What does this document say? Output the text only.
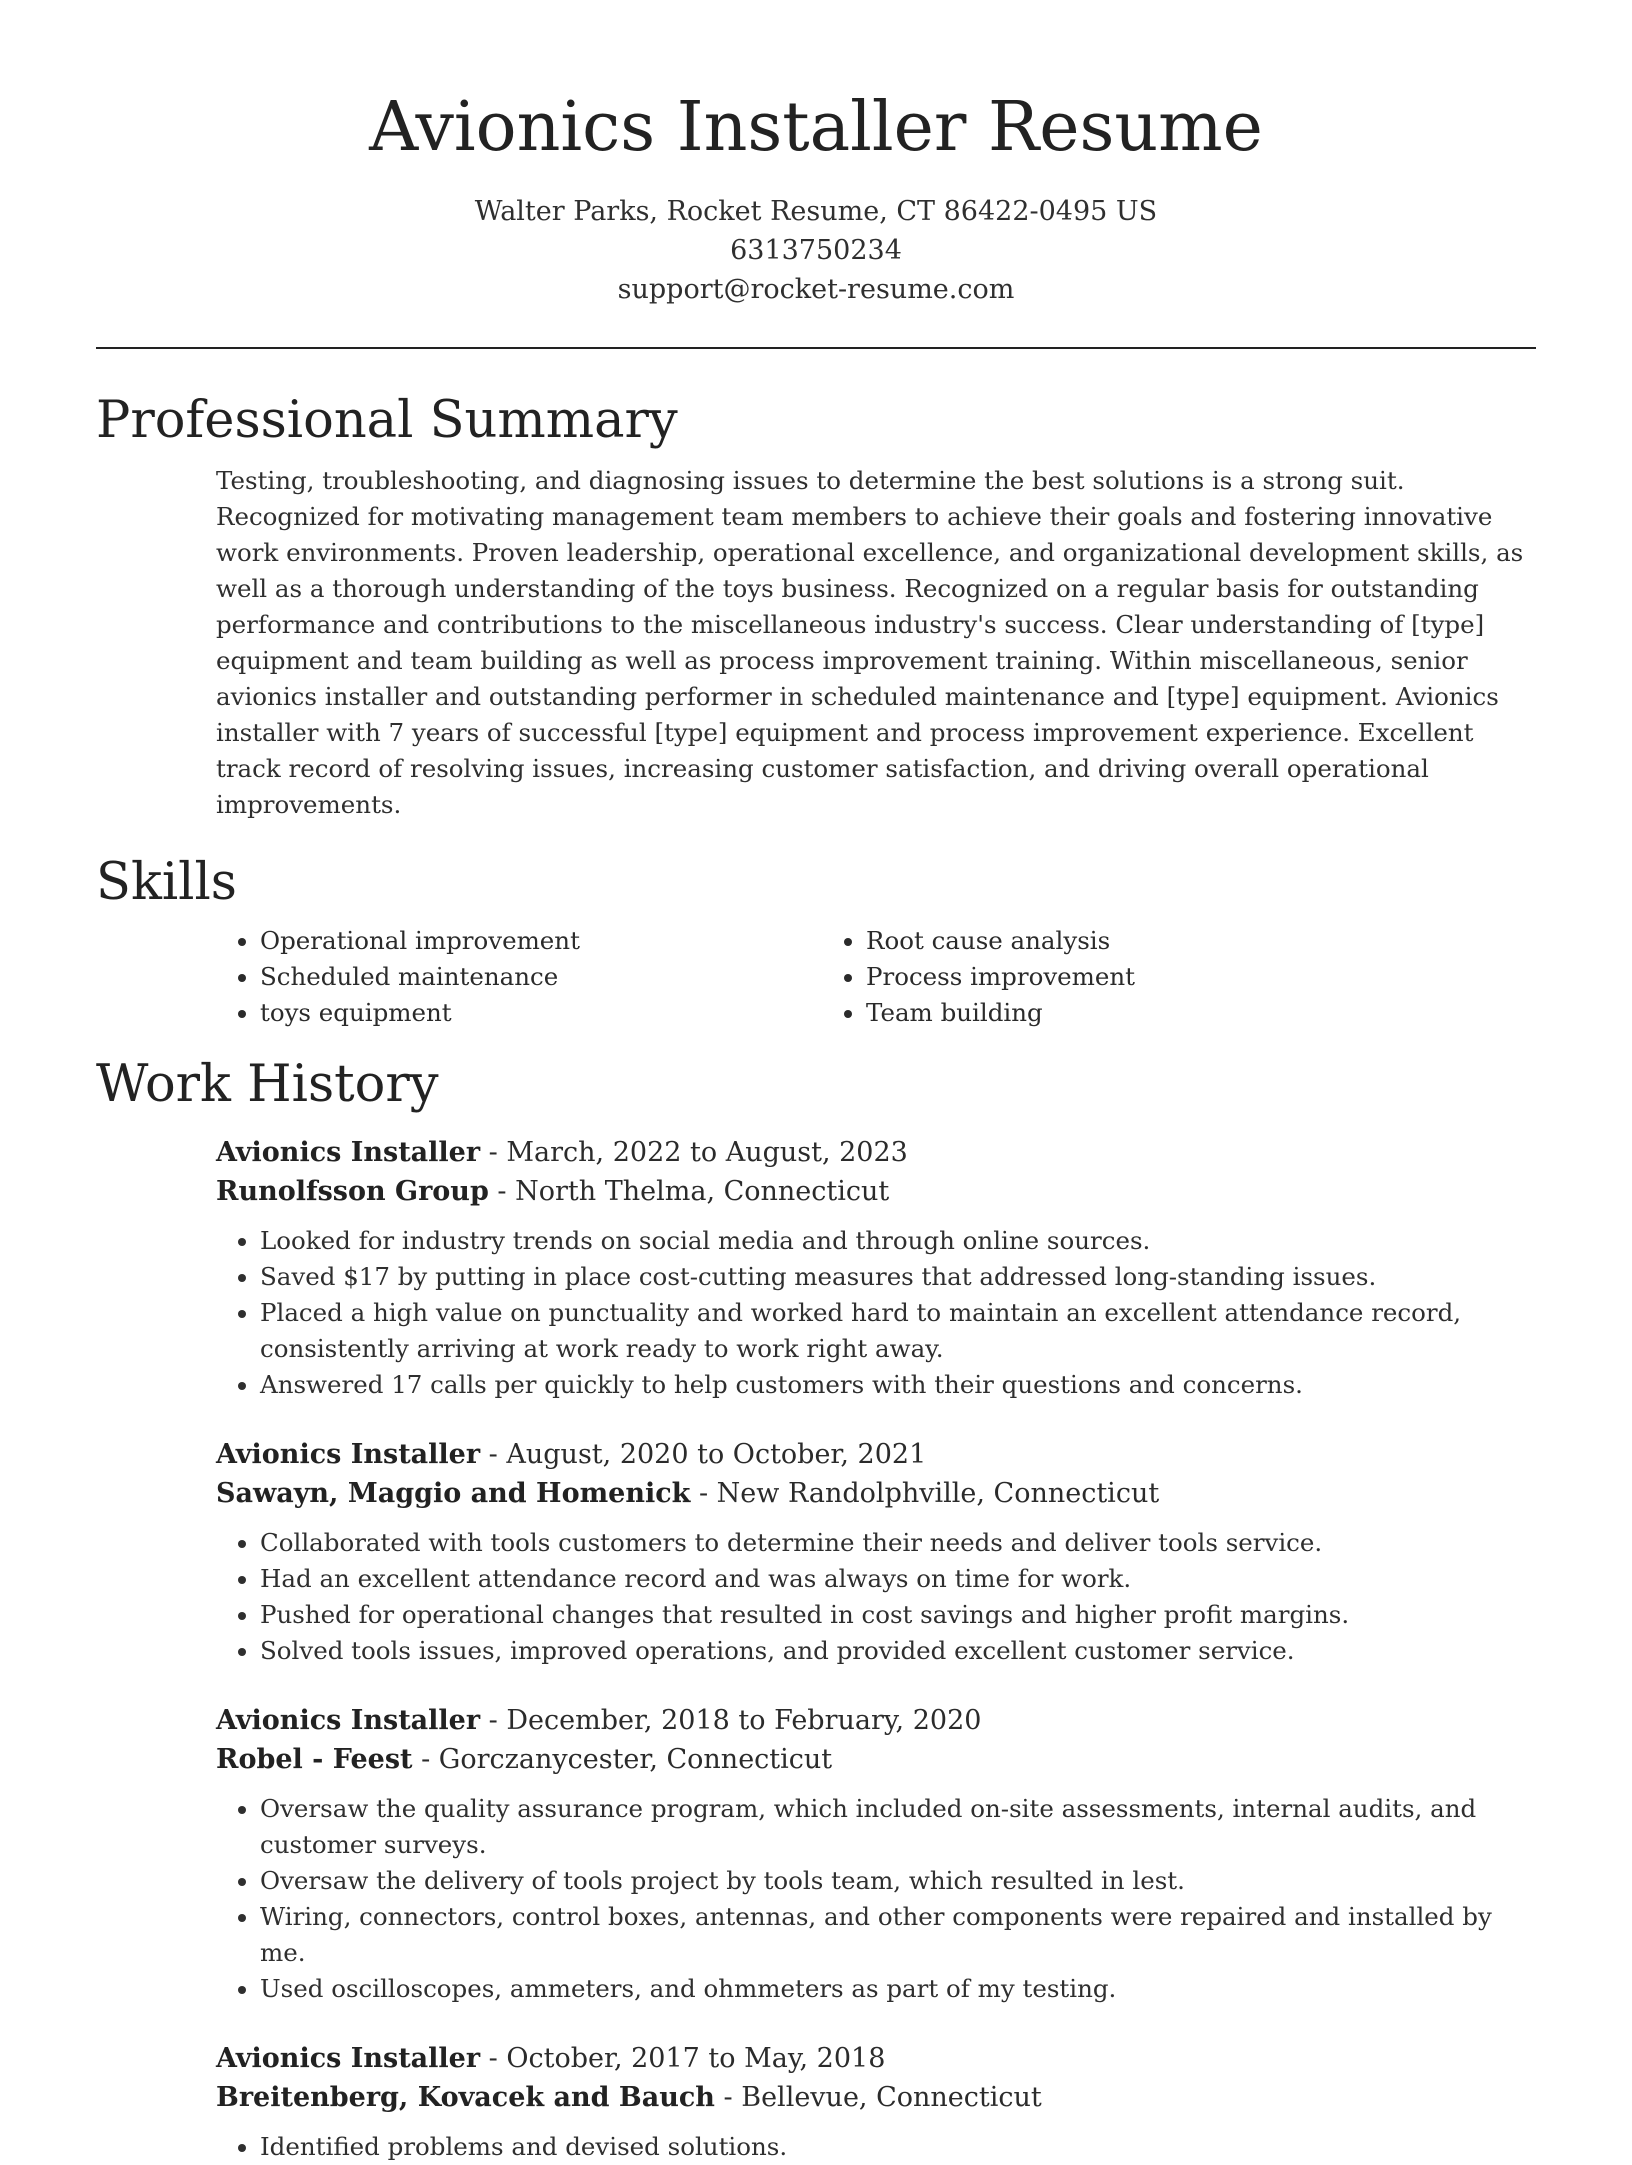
Avionics Installer Resume
Walter Parks, Rocket Resume, CT 86422-0495 US
6313750234
support@rocket-resume.com
Professional Summary

Testing, troubleshooting, and diagnosing issues to determine the best solutions is a strong suit. Recognized for motivating management team members to achieve their goals and fostering innovative work environments. Proven leadership, operational excellence, and organizational development skills, as well as a thorough understanding of the toys business. Recognized on a regular basis for outstanding performance and contributions to the miscellaneous industry's success. Clear understanding of [type] equipment and team building as well as process improvement training. Within miscellaneous, senior avionics installer and outstanding performer in scheduled maintenance and [type] equipment. Avionics installer with 7 years of successful [type] equipment and process improvement experience. Excellent track record of resolving issues, increasing customer satisfaction, and driving overall operational improvements.

Skills
• Operational improvement
• Scheduled maintenance
• toys equipment
• Root cause analysis
• Process improvement
• Team building
Work History
Avionics Installer - March, 2022 to August, 2023
Runolfsson Group - North Thelma, Connecticut
• Looked for industry trends on social media and through online sources.
• Saved $17 by putting in place cost-cutting measures that addressed long-standing issues.
• Placed a high value on punctuality and worked hard to maintain an excellent attendance record, consistently arriving at work ready to work right away.
• Answered 17 calls per quickly to help customers with their questions and concerns.
Avionics Installer - August, 2020 to October, 2021
Sawayn, Maggio and Homenick - New Randolphville, Connecticut
• Collaborated with tools customers to determine their needs and deliver tools service.
• Had an excellent attendance record and was always on time for work.
• Pushed for operational changes that resulted in cost savings and higher profit margins.
• Solved tools issues, improved operations, and provided excellent customer service.
Avionics Installer - December, 2018 to February, 2020
Robel - Feest - Gorczanycester, Connecticut
• Oversaw the quality assurance program, which included on-site assessments, internal audits, and customer surveys.
• Oversaw the delivery of tools project by tools team, which resulted in lest.
• Wiring, connectors, control boxes, antennas, and other components were repaired and installed by me.
• Used oscilloscopes, ammeters, and ohmmeters as part of my testing.
Avionics Installer - October, 2017 to May, 2018
Breitenberg, Kovacek and Bauch - Bellevue, Connecticut
• Identified problems and devised solutions.
